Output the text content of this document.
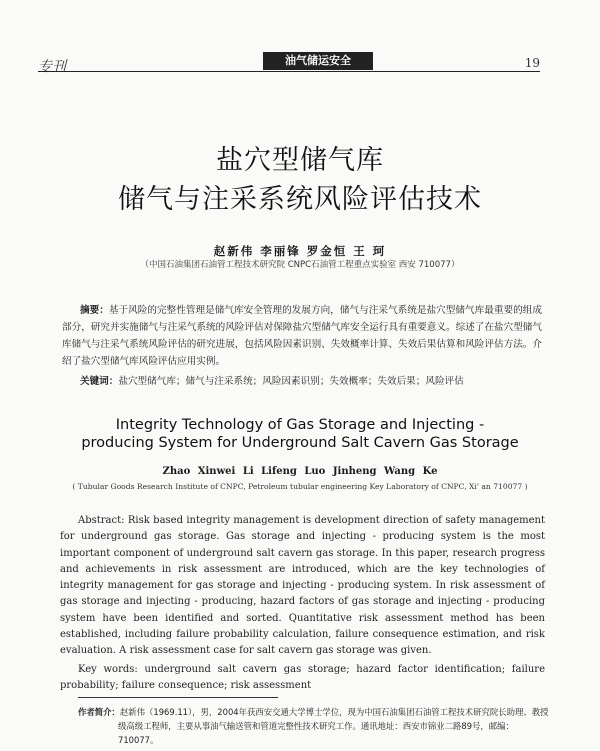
专刊	油气储运安全	19
盐穴型储气库
储气与注采系统风险评估技术
赵新伟 李丽锋 罗金恒 王 珂
（中国石油集团石油管工程技术研究院 CNPC石油管工程重点实验室 西安 710077）
摘要：基于风险的完整性管理是储气库安全管理的发展方向，储气与注采气系统是盐穴型储气库最重要的组成部分，研究并实施储气与注采气系统的风险评估对保障盐穴型储气库安全运行具有重要意义。综述了在盐穴型储气库储气与注采气系统风险评估的研究进展，包括风险因素识别、失效概率计算、失效后果估算和风险评估方法。介绍了盐穴型储气库风险评估应用实例。
关键词：盐穴型储气库；储气与注采系统；风险因素识别；失效概率；失效后果；风险评估
Integrity Technology of Gas Storage and Injecting -
producing System for Underground Salt Cavern Gas Storage
Zhao Xinwei Li Lifeng Luo Jinheng Wang Ke
( Tubular Goods Research Institute of CNPC, Petroleum tubular engineering Key Laboratory of CNPC, Xi' an 710077 )
Abstract: Risk based integrity management is development direction of safety management for underground gas storage. Gas storage and injecting - producing system is the most important component of underground salt cavern gas storage. In this paper, research progress and achievements in risk assessment are introduced, which are the key technologies of integrity management for gas storage and injecting - producing system. In risk assessment of gas storage and injecting - producing, hazard factors of gas storage and injecting - producing system have been identified and sorted. Quantitative risk assessment method has been established, including failure probability calculation, failure consequence estimation, and risk evaluation. A risk assessment case for salt cavern gas storage was given.
Key words: underground salt cavern gas storage; hazard factor identification; failure probability; failure consequence; risk assessment
作者简介：赵新伟（1969.11），男，2004年获西安交通大学博士学位，现为中国石油集团石油管工程技术研究院长助理、教授级高级工程师，主要从事油气输送管和管道完整性技术研究工作。通讯地址：西安市锦业二路89号，邮编：710077。
